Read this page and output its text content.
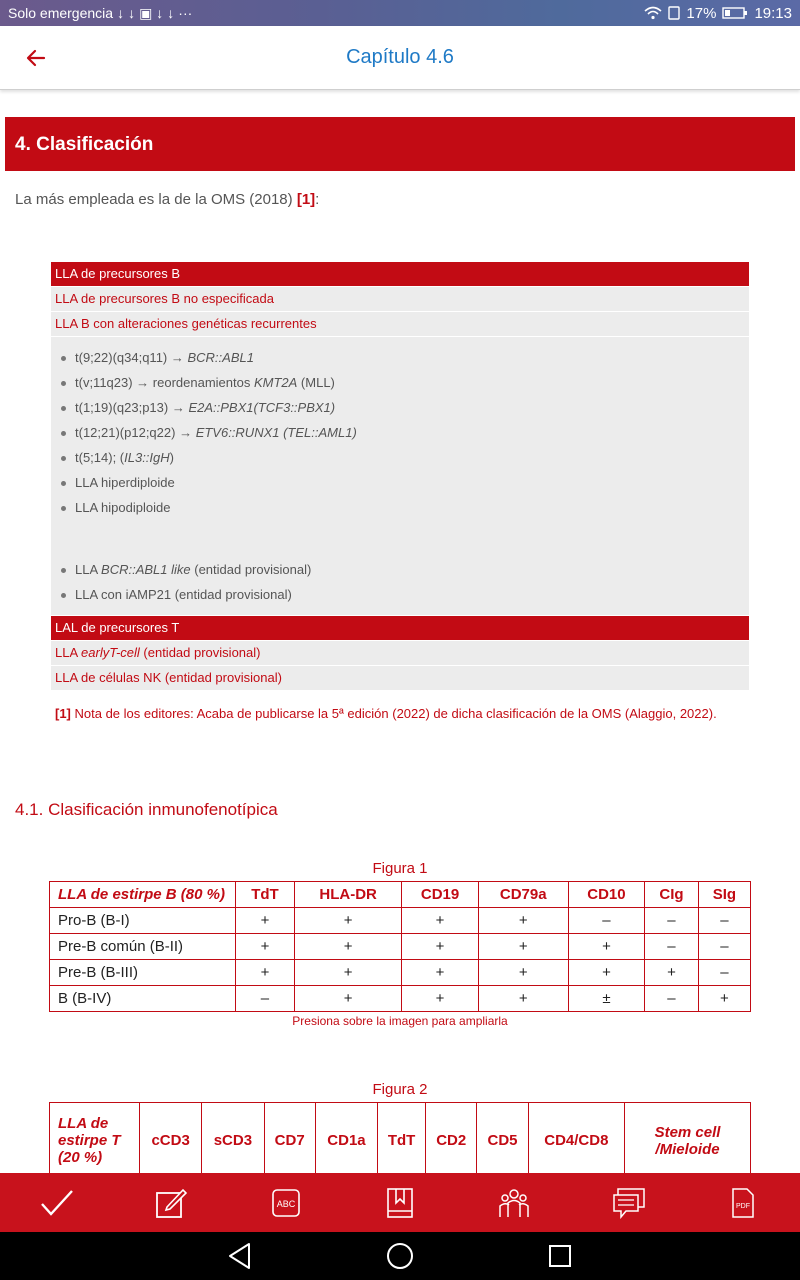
Solo emergencia ↓ ↓ ▣ ↓ ↓ ···	17%	19:13
Capítulo 4.6
4. Clasificación
La más empleada es la de la OMS (2018) [1]:
LLA de precursores B
LLA de precursores B no especificada
LLA B con alteraciones genéticas recurrentes
t(9;22)(q34;q11) → BCR::ABL1
t(v;11q23) → reordenamientos KMT2A (MLL)
t(1;19)(q23;p13) → E2A::PBX1(TCF3::PBX1)
t(12;21)(p12;q22) → ETV6::RUNX1 (TEL::AML1)
t(5;14); (IL3::IgH)
LLA hiperdiploide
LLA hipodiploide
LLA BCR::ABL1 like (entidad provisional)
LLA con iAMP21 (entidad provisional)
LAL de precursores T
LLA earlyT-cell (entidad provisional)
LLA de células NK (entidad provisional)
[1] Nota de los editores: Acaba de publicarse la 5ª edición (2022) de dicha clasificación de la OMS (Alaggio, 2022).
4.1. Clasificación inmunofenotípica
Figura 1
LLA de estirpe B (80 %)	TdT	HLA-DR	CD19	CD79a	CD10	CIg	SIg
Pro-B (B-I)	+	+	+	+	–	–	–
Pre-B común (B-II)	+	+	+	+	+	–	–
Pre-B (B-III)	+	+	+	+	+	+	–
B (B-IV)	–	+	+	+	±	–	+
Presiona sobre la imagen para ampliarla
Figura 2
LLA de estirpe T (20 %)	cCD3	sCD3	CD7	CD1a	TdT	CD2	CD5	CD4/CD8	Stem cell /Mieloide
ABC	PDF
